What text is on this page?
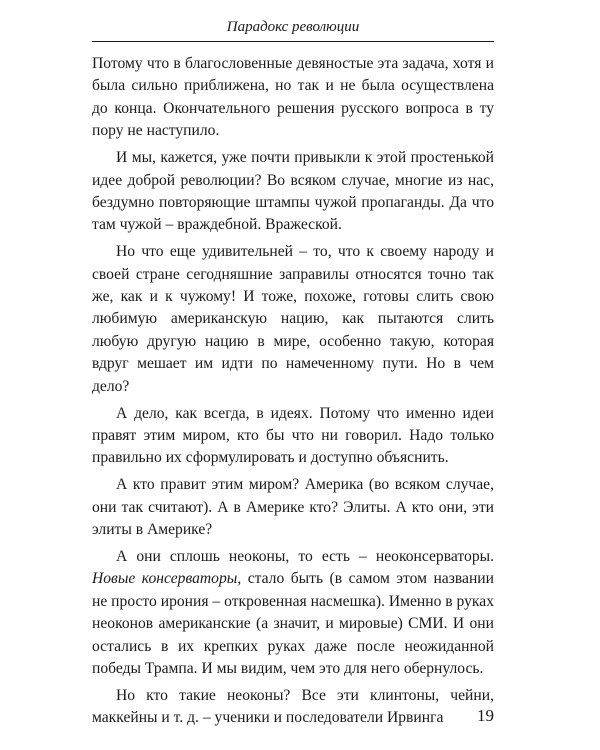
Парадокс революции

Потому что в благословенные девяностые эта задача, хотя и была сильно приближена, но так и не была осуществлена до конца. Окончательного решения русского вопроса в ту пору не наступило.

И мы, кажется, уже почти привыкли к этой простенькой идее доброй революции? Во всяком случае, многие из нас, бездумно повторяющие штампы чужой пропаганды. Да что там чужой – враждебной. Вражеской.

Но что еще удивительней – то, что к своему народу и своей стране сегодняшние заправилы относятся точно так же, как и к чужому! И тоже, похоже, готовы слить свою любимую американскую нацию, как пытаются слить любую другую нацию в мире, особенно такую, которая вдруг мешает им идти по намеченному пути. Но в чем дело?

А дело, как всегда, в идеях. Потому что именно идеи правят этим миром, кто бы что ни говорил. Надо только правильно их сформулировать и доступно объяснить.

А кто правит этим миром? Америка (во всяком случае, они так считают). А в Америке кто? Элиты. А кто они, эти элиты в Америке?

А они сплошь неоконы, то есть – неоконсерваторы. Новые консерваторы, стало быть (в самом этом названии не просто ирония – откровенная насмешка). Именно в руках неоконов американские (а значит, и мировые) СМИ. И они остались в их крепких руках даже после неожиданной победы Трампа. И мы видим, чем это для него обернулось.

Но кто такие неоконы? Все эти клинтоны, чейни, маккейны и т. д. – ученики и последователи Ирвинга	19
